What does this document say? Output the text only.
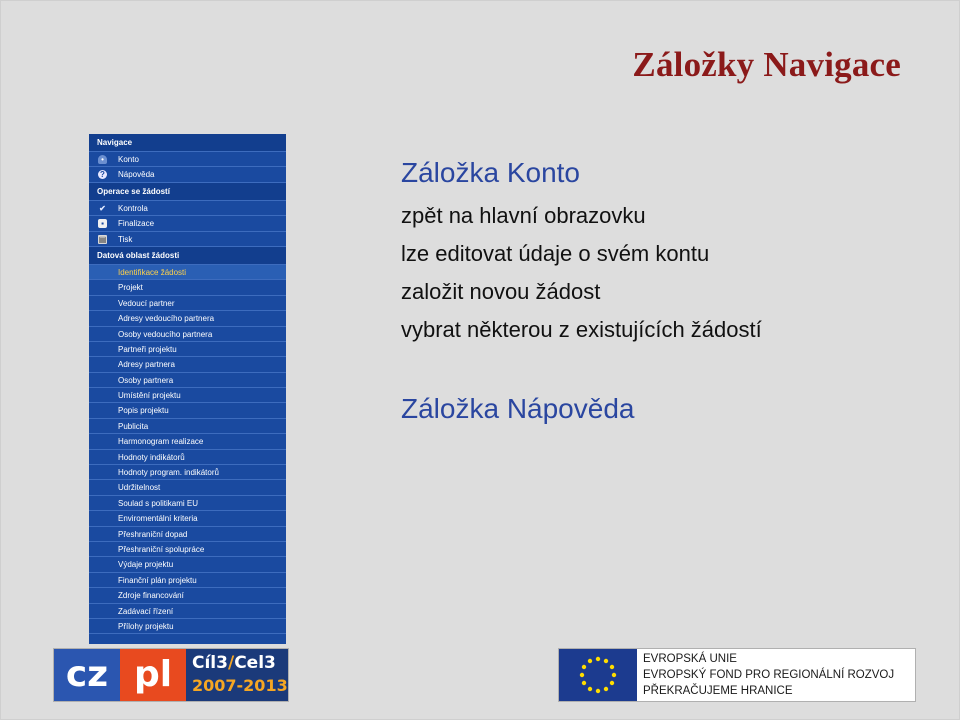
Záložky Navigace
Navigace
•	Konto
? Nápověda
Operace se žádostí
✔ Kontrola
▪	Finalizace
▤ Tisk
Datová oblast žádosti
Identifikace žádosti
Projekt
Vedoucí partner
Adresy vedoucího partnera
Osoby vedoucího partnera
Partneři projektu
Adresy partnera
Osoby partnera
Umístění projektu
Popis projektu
Publicita
Harmonogram realizace
Hodnoty indikátorů
Hodnoty program. indikátorů
Udržitelnost
Soulad s politikami EU
Enviromentální kriteria
Přeshraniční dopad
Přeshraniční spolupráce
Výdaje projektu
Finanční plán projektu
Zdroje financování
Zadávací řízení
Přílohy projektu
Záložka Konto
zpět na hlavní obrazovku
lze editovat údaje o svém kontu
založit novou žádost
vybrat některou z existujících žádostí
Záložka Nápověda
cz pl	Cíl3/Cel3
2007‑2013
EVROPSKÁ UNIE
EVROPSKÝ FOND PRO REGIONÁLNÍ ROZVOJ
PŘEKRAČUJEME HRANICE
